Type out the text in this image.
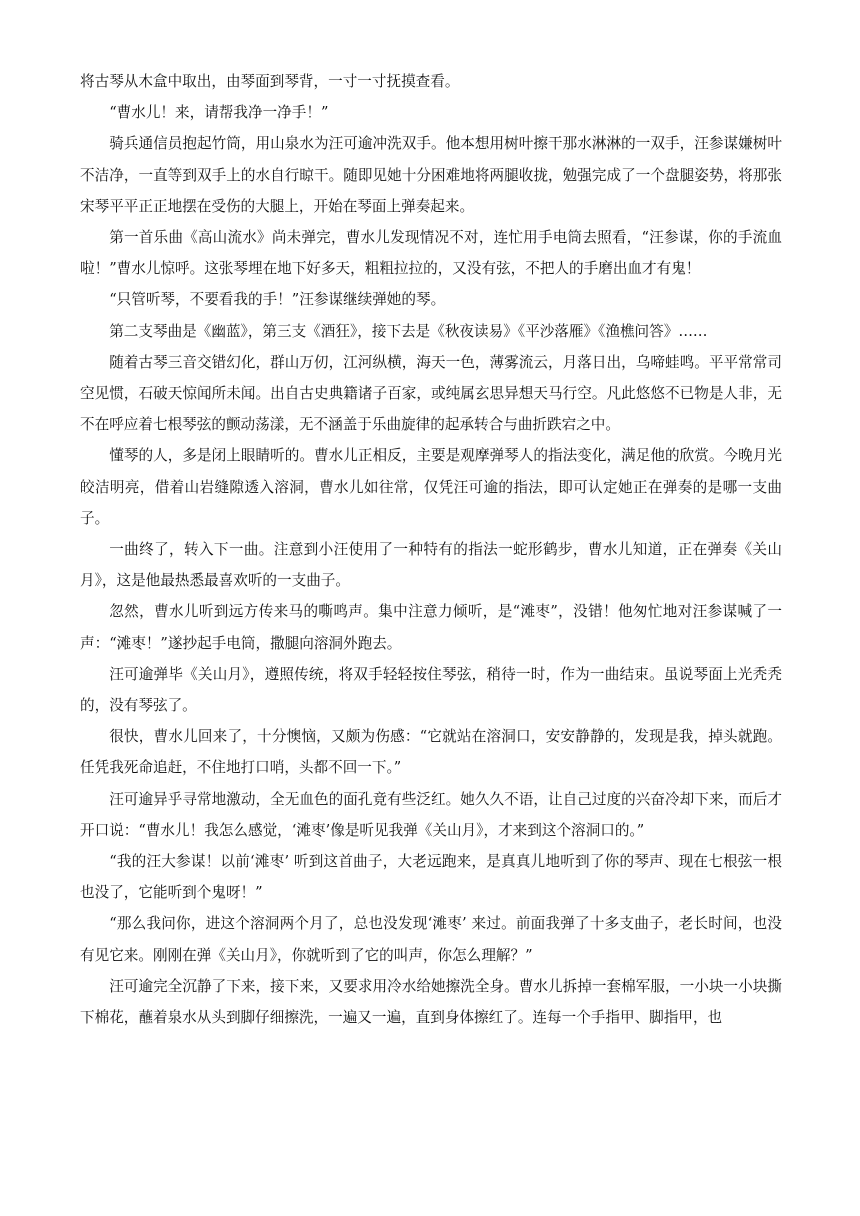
将古琴从木盒中取出，由琴面到琴背，一寸一寸抚摸查看。

“曹水儿！来，请帮我净一净手！”

骑兵通信员抱起竹筒，用山泉水为汪可逾冲洗双手。他本想用树叶擦干那水淋淋的一双手，汪参谋嫌树叶不洁净，一直等到双手上的水自行晾干。随即见她十分困难地将两腿收拢，勉强完成了一个盘腿姿势，将那张宋琴平平正正地摆在受伤的大腿上，开始在琴面上弹奏起来。

第一首乐曲《高山流水》尚未弹完，曹水儿发现情况不对，连忙用手电筒去照看，“汪参谋，你的手流血啦！”曹水儿惊呼。这张琴埋在地下好多天，粗粗拉拉的，又没有弦，不把人的手磨出血才有鬼！

“只管听琴，不要看我的手！”汪参谋继续弹她的琴。

第二支琴曲是《幽蓝》，第三支《酒狂》，接下去是《秋夜读易》《平沙落雁》《渔樵问答》……

随着古琴三音交错幻化，群山万仞，江河纵横，海天一色，薄雾流云，月落日出，乌啼蛙鸣。平平常常司空见惯，石破天惊闻所未闻。出自古史典籍诸子百家，或纯属玄思异想天马行空。凡此悠悠不已物是人非，无不在呼应着七根琴弦的颤动荡漾，无不涵盖于乐曲旋律的起承转合与曲折跌宕之中。

懂琴的人，多是闭上眼睛听的。曹水儿正相反，主要是观摩弹琴人的指法变化，满足他的欣赏。今晚月光皎洁明亮，借着山岩缝隙透入溶洞，曹水儿如往常，仅凭汪可逾的指法，即可认定她正在弹奏的是哪一支曲子。

一曲终了，转入下一曲。注意到小汪使用了一种特有的指法一蛇形鹤步，曹水儿知道，正在弹奏《关山月》，这是他最热悉最喜欢听的一支曲子。

忽然，曹水儿听到远方传来马的嘶鸣声。集中注意力倾听，是“滩枣”，没错！他匆忙地对汪参谋喊了一声：“滩枣！”遂抄起手电筒，撒腿向溶洞外跑去。

汪可逾弹毕《关山月》，遵照传统，将双手轻轻按住琴弦，稍待一时，作为一曲结束。虽说琴面上光秃秃的，没有琴弦了。

很快，曹水儿回来了，十分懊恼，又颇为伤感：“它就站在溶洞口，安安静静的，发现是我，掉头就跑。任凭我死命追赶，不住地打口哨，头都不回一下。”

汪可逾异乎寻常地激动，全无血色的面孔竟有些泛红。她久久不语，让自己过度的兴奋冷却下来，而后才开口说：“曹水儿！我怎么感觉，‘滩枣’像是听见我弹《关山月》，才来到这个溶洞口的。”

“我的汪大参谋！以前‘滩枣’ 听到这首曲子，大老远跑来，是真真儿地听到了你的琴声、现在七根弦一根也没了，它能听到个鬼呀！”

“那么我问你，进这个溶洞两个月了，总也没发现‘滩枣’ 来过。前面我弹了十多支曲子，老长时间，也没有见它来。刚刚在弹《关山月》，你就听到了它的叫声，你怎么理解？”

汪可逾完全沉静了下来，接下来，又要求用冷水给她擦洗全身。曹水儿拆掉一套棉军服，一小块一小块撕下棉花，蘸着泉水从头到脚仔细擦洗，一遍又一遍，直到身体擦红了。连每一个手指甲、脚指甲，也
